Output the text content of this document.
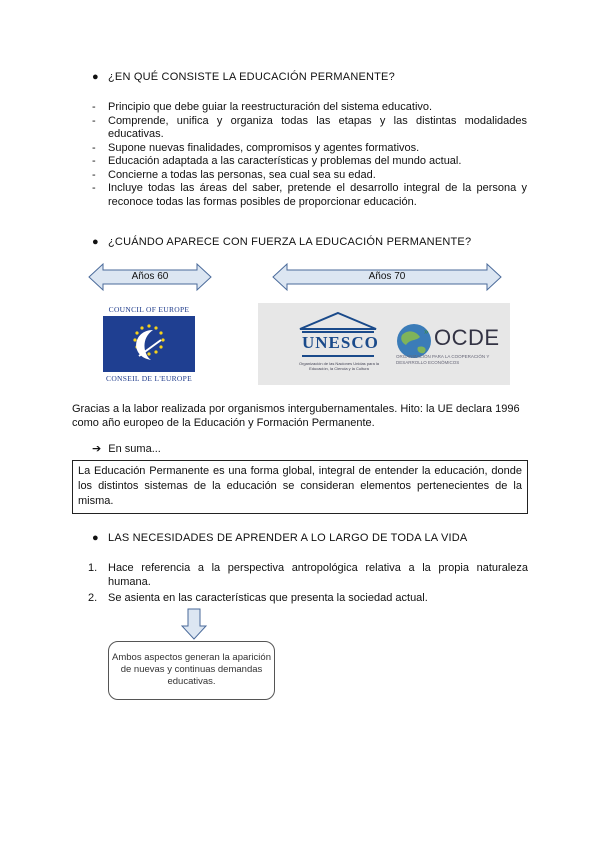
● ¿EN QUÉ CONSISTE LA EDUCACIÓN PERMANENTE?
- Principio que debe guiar la reestructuración del sistema educativo.
- Comprende, unifica y organiza todas las etapas y las distintas modalidades educativas.
- Supone nuevas finalidades, compromisos y agentes formativos.
- Educación adaptada a las características y problemas del mundo actual.
- Concierne a todas las personas, sea cual sea su edad.
- Incluye todas las áreas del saber, pretende el desarrollo integral de la persona y reconoce todas las formas posibles de proporcionar educación.
● ¿CUÁNDO APARECE CON FUERZA LA EDUCACIÓN PERMANENTE?
Años 60	Años 70
COUNCIL OF EUROPE
CONSEIL DE L'EUROPE
UNESCO
Organización de las Naciones Unidas para la Educación, la Ciencia y la Cultura
» OCDE
ORGANIZACIÓN PARA LA COOPERACIÓN Y DESARROLLO ECONÓMICOS
Gracias a la labor realizada por organismos intergubernamentales. Hito: la UE declara 1996 como año europeo de la Educación y Formación Permanente.
➔ En suma...
La Educación Permanente es una forma global, integral de entender la educación, donde los distintos sistemas de la educación se consideran elementos pertenecientes de la misma.
● LAS NECESIDADES DE APRENDER A LO LARGO DE TODA LA VIDA
1. Hace referencia a la perspectiva antropológica relativa a la propia naturaleza humana.
2. Se asienta en las características que presenta la sociedad actual.
Ambos aspectos generan la aparición de nuevas y continuas demandas educativas.
